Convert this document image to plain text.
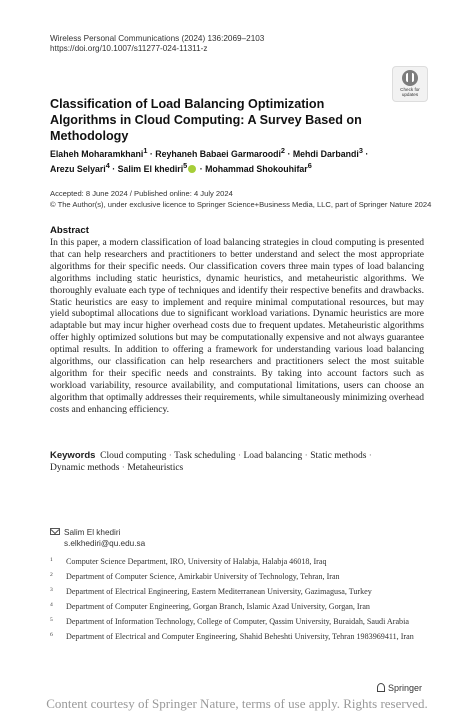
Wireless Personal Communications (2024) 136:2069–2103
https://doi.org/10.1007/s11277-024-11311-z
Check for
updates
Classification of Load Balancing Optimization Algorithms in Cloud Computing: A Survey Based on Methodology

Elaheh Moharamkhani$^1$ · Reyhaneh Babaei Garmaroodi$^2$ · Mehdi Darbandi$^3$ ·
Arezu Selyari$^4$ · Salim El khediri$^5$ · Mohammad Shokouhifar$^6$

Accepted: 8 June 2024 / Published online: 4 July 2024
© The Author(s), under exclusive licence to Springer Science+Business Media, LLC, part of Springer Nature 2024
Abstract

In this paper, a modern classification of load balancing strategies in cloud computing is presented that can help researchers and practitioners to better understand and select the most appropriate algorithms for their specific needs. Our classification covers three main types of load balancing algorithms including static heuristics, dynamic heuristics, and metaheuristic algorithms. We thoroughly evaluate each type of techniques and identify their respective benefits and drawbacks. Static heuristics are easy to implement and require minimal computational resources, but may yield suboptimal allocations due to significant workload variations. Dynamic heuristics are more adaptable but may incur higher overhead costs due to frequent updates. Metaheuristic algorithms offer highly optimized solutions but may be computationally expensive and not always guarantee optimal results. In addition to offering a framework for understanding various load balancing algorithms, our classification can help researchers and practitioners select the most suitable algorithm for their specific needs and constraints. By taking into account factors such as workload variability, resource availability, and computational limitations, users can choose an algorithm that optimally addresses their requirements, while simultaneously minimizing overhead costs and enhancing efficiency.

Keywords Cloud computing · Task scheduling · Load balancing · Static methods ·
Dynamic methods · Metaheuristics

Salim El khediri
s.elkhediri@qu.edu.sa
1 Computer Science Department, IRO, University of Halabja, Halabja 46018, Iraq
2 Department of Computer Science, Amirkabir University of Technology, Tehran, Iran
3 Department of Electrical Engineering, Eastern Mediterranean University, Gazimagusa, Turkey
4 Department of Computer Engineering, Gorgan Branch, Islamic Azad University, Gorgan, Iran
5 Department of Information Technology, College of Computer, Qassim University, Buraidah, Saudi Arabia
6 Department of Electrical and Computer Engineering, Shahid Beheshti University, Tehran 1983969411, Iran
Springer
Content courtesy of Springer Nature, terms of use apply. Rights reserved.
